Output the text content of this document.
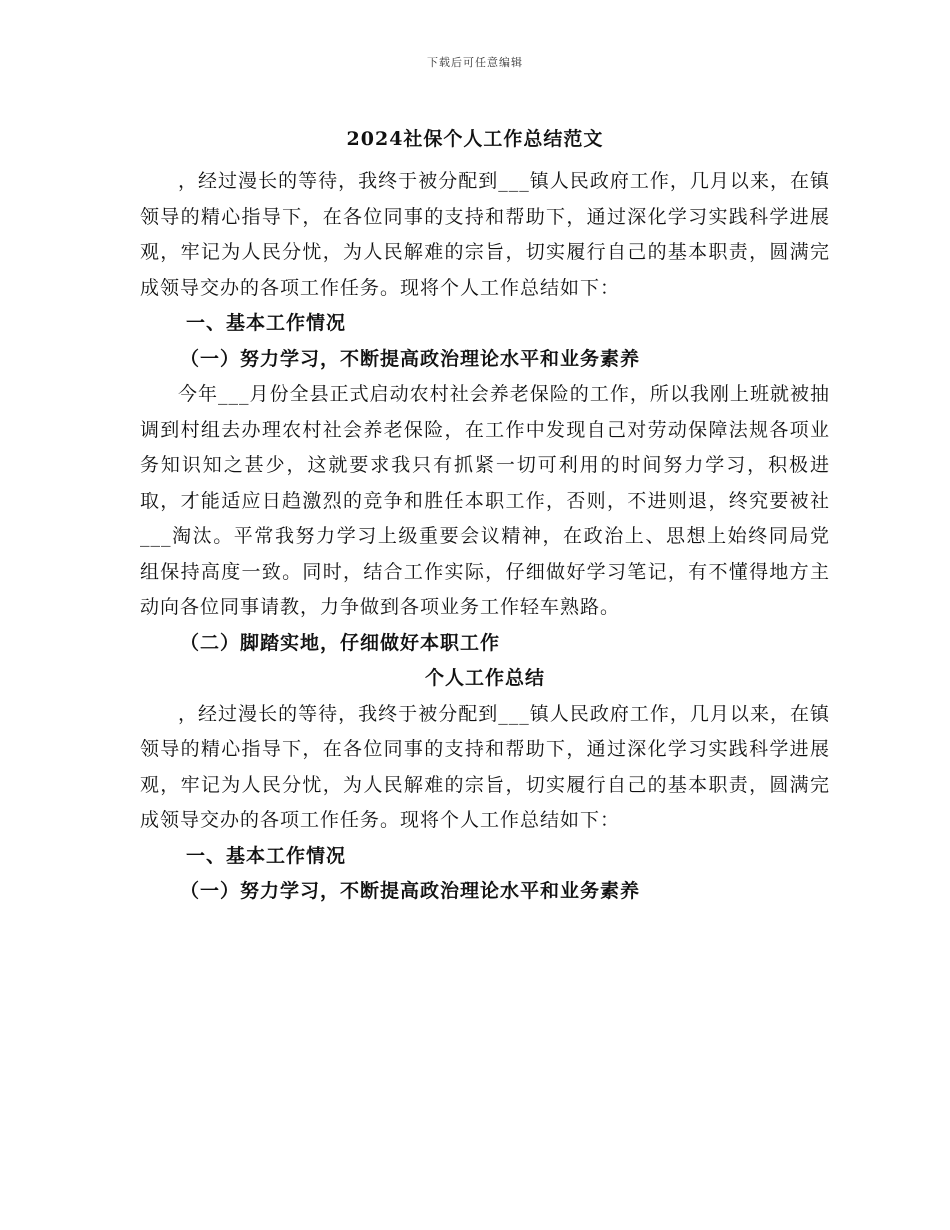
下载后可任意编辑
2024社保个人工作总结范文

，经过漫长的等待，我终于被分配到___镇人民政府工作，几月以来，在镇领导的精心指导下，在各位同事的支持和帮助下，通过深化学习实践科学进展观，牢记为人民分忧，为人民解难的宗旨，切实履行自己的基本职责，圆满完成领导交办的各项工作任务。现将个人工作总结如下：

一、基本工作情况

（一）努力学习，不断提高政治理论水平和业务素养

今年___月份全县正式启动农村社会养老保险的工作，所以我刚上班就被抽调到村组去办理农村社会养老保险，在工作中发现自己对劳动保障法规各项业务知识知之甚少，这就要求我只有抓紧一切可利用的时间努力学习，积极进取，才能适应日趋激烈的竞争和胜任本职工作，否则，不进则退，终究要被社___淘汰。平常我努力学习上级重要会议精神，在政治上、思想上始终同局党组保持高度一致。同时，结合工作实际，仔细做好学习笔记，有不懂得地方主动向各位同事请教，力争做到各项业务工作轻车熟路。

（二）脚踏实地，仔细做好本职工作

个人工作总结

，经过漫长的等待，我终于被分配到___镇人民政府工作，几月以来，在镇领导的精心指导下，在各位同事的支持和帮助下，通过深化学习实践科学进展观，牢记为人民分忧，为人民解难的宗旨，切实履行自己的基本职责，圆满完成领导交办的各项工作任务。现将个人工作总结如下：

一、基本工作情况

（一）努力学习，不断提高政治理论水平和业务素养
